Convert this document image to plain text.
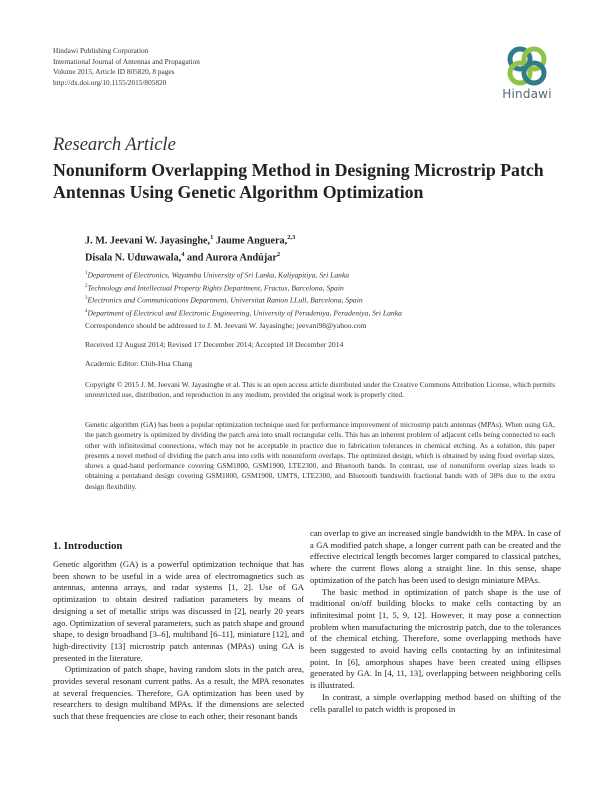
Hindawi Publishing Corporation
International Journal of Antennas and Propagation
Volume 2015, Article ID 805820, 8 pages
http://dx.doi.org/10.1155/2015/805820
Hindawi
Research Article
Nonuniform Overlapping Method in Designing Microstrip Patch Antennas Using Genetic Algorithm Optimization
J. M. Jeevani W. Jayasinghe,$^1$ Jaume Anguera,$^{2,3}$
Disala N. Uduwawala,$^4$ and Aurora Andújar$^2$
$^1$Department of Electronics, Wayamba University of Sri Lanka, Kuliyapitiya, Sri Lanka
$^2$Technology and Intellectual Property Rights Department, Fractus, Barcelona, Spain
$^3$Electronics and Communications Department, Universitat Ramon LLull, Barcelona, Spain
$^4$Department of Electrical and Electronic Engineering, University of Peradeniya, Peradeniya, Sri Lanka
Correspondence should be addressed to J. M. Jeevani W. Jayasinghe; jeevani98@yahoo.com
Received 12 August 2014; Revised 17 December 2014; Accepted 18 December 2014
Academic Editor: Chih-Hua Chang
Copyright © 2015 J. M. Jeevani W. Jayasinghe et al. This is an open access article distributed under the Creative Commons Attribution License, which permits unrestricted use, distribution, and reproduction in any medium, provided the original work is properly cited.
Genetic algorithm (GA) has been a popular optimization technique used for performance improvement of microstrip patch antennas (MPAs). When using GA, the patch geometry is optimized by dividing the patch area into small rectangular cells. This has an inherent problem of adjacent cells being connected to each other with infinitesimal connections, which may not be acceptable in practice due to fabrication tolerances in chemical etching. As a solution, this paper presents a novel method of dividing the patch area into cells with nonuniform overlaps. The optimized design, which is obtained by using fixed overlap sizes, shows a quad-band performance covering GSM1800, GSM1900, LTE2300, and Bluetooth bands. In contrast, use of nonuniform overlap sizes leads to obtaining a pentaband design covering GSM1800, GSM1900, UMTS, LTE2300, and Bluetooth bandswith fractional bands with of 38% due to the extra design flexibility.
1. Introduction

Genetic algorithm (GA) is a powerful optimization technique that has been shown to be useful in a wide area of electromagnetics such as antennas, antenna arrays, and radar systems [1, 2]. Use of GA optimization to obtain desired radiation parameters by means of designing a set of metallic strips was discussed in [2], nearly 20 years ago. Optimization of several parameters, such as patch shape and ground shape, to design broadband [3–6], multiband [6–11], miniature [12], and high-directivity [13] microstrip patch antennas (MPAs) using GA is presented in the literature.

Optimization of patch shape, having random slots in the patch area, provides several resonant current paths. As a result, the MPA resonates at several frequencies. Therefore, GA optimization has been used by researchers to design multiband MPAs. If the dimensions are selected such that these frequencies are close to each other, their resonant bands

can overlap to give an increased single bandwidth to the MPA. In case of a GA modified patch shape, a longer current path can be created and the effective electrical length becomes larger compared to classical patches, where the current flows along a straight line. In this sense, shape optimization of the patch has been used to design miniature MPAs.

The basic method in optimization of patch shape is the use of traditional on/off building blocks to make cells contacting by an infinitesimal point [1, 5, 9, 12]. However, it may pose a connection problem when manufacturing the microstrip patch, due to the tolerances of the chemical etching. Therefore, some overlapping methods have been suggested to avoid having cells contacting by an infinitesimal point. In [6], amorphous shapes have been created using ellipses generated by GA. In [4, 11, 13], overlapping between neighboring cells is illustrated.

In contrast, a simple overlapping method based on shifting of the cells parallel to patch width is proposed in
